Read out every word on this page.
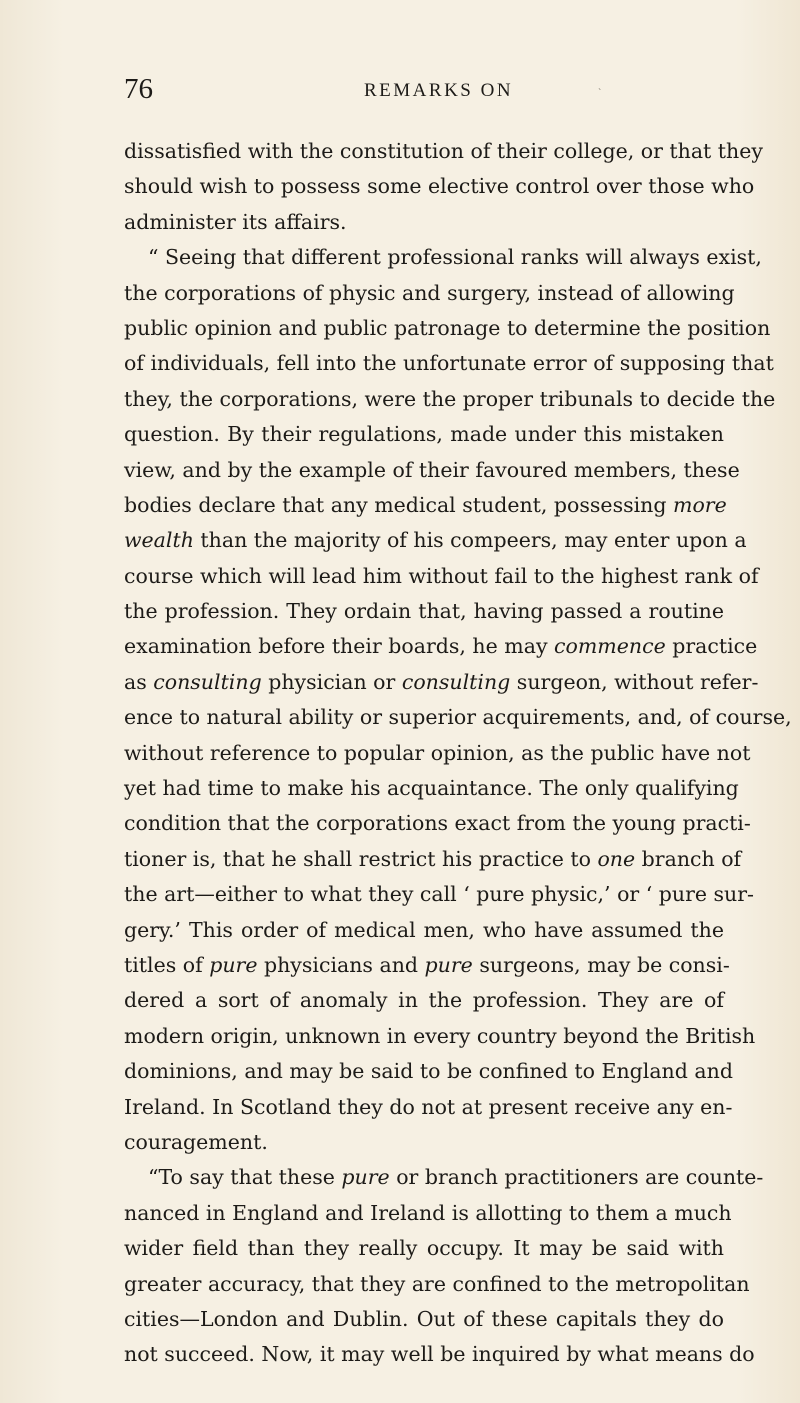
76	REMARKS ON	`
dissatisfied with the constitution of their college, or that they
should wish to possess some elective control over those who
administer its affairs.
“ Seeing that different professional ranks will always exist,
the corporations of physic and surgery, instead of allowing
public opinion and public patronage to determine the position
of individuals, fell into the unfortunate error of supposing that
they, the corporations, were the proper tribunals to decide the
question. By their regulations, made under this mistaken
view, and by the example of their favoured members, these
bodies declare that any medical student, possessing more
wealth than the majority of his compeers, may enter upon a
course which will lead him without fail to the highest rank of
the profession. They ordain that, having passed a routine
examination before their boards, he may commence practice
as consulting physician or consulting surgeon, without refer-
ence to natural ability or superior acquirements, and, of course,
without reference to popular opinion, as the public have not
yet had time to make his acquaintance. The only qualifying
condition that the corporations exact from the young practi-
tioner is, that he shall restrict his practice to one branch of
the art—either to what they call ‘ pure physic,’ or ‘ pure sur-
gery.’ This order of medical men, who have assumed the
titles of pure physicians and pure surgeons, may be consi-
dered a sort of anomaly in the profession. They are of
modern origin, unknown in every country beyond the British
dominions, and may be said to be confined to England and
Ireland. In Scotland they do not at present receive any en-
couragement.
“To say that these pure or branch practitioners are counte-
nanced in England and Ireland is allotting to them a much
wider field than they really occupy. It may be said with
greater accuracy, that they are confined to the metropolitan
cities—London and Dublin. Out of these capitals they do
not succeed. Now, it may well be inquired by what means do
